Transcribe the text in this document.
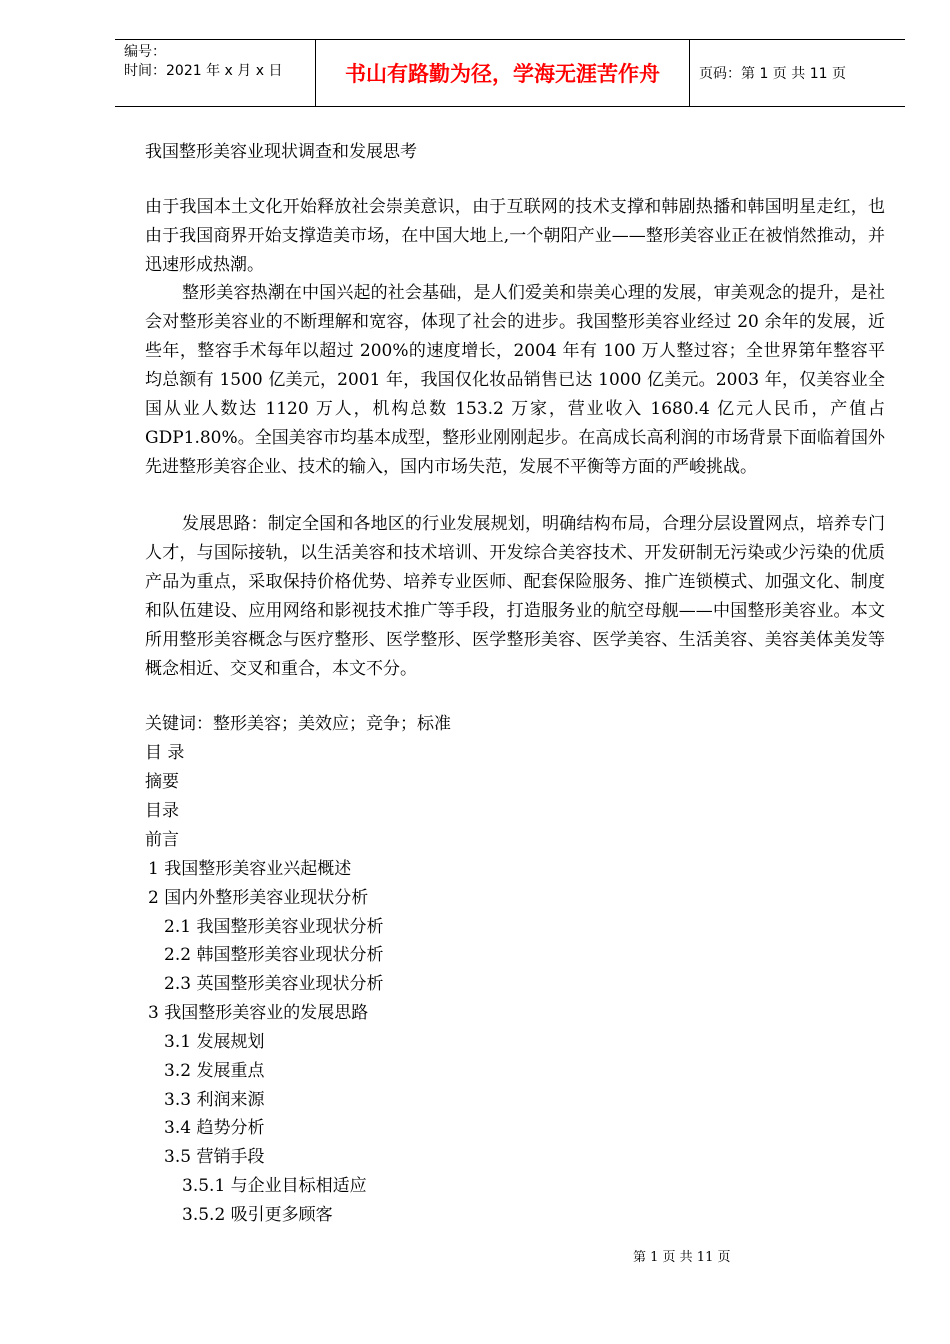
编号：
时间：2021 年 x 月 x 日	书山有路勤为径，学海无涯苦作舟	页码：第 1 页 共 11 页
我国整形美容业现状调查和发展思考

由于我国本土文化开始释放社会崇美意识，由于互联网的技术支撑和韩剧热播和韩国明星走红，也由于我国商界开始支撑造美市场，在中国大地上,一个朝阳产业——整形美容业正在被悄然推动，并迅速形成热潮。

整形美容热潮在中国兴起的社会基础，是人们爱美和崇美心理的发展，审美观念的提升，是社会对整形美容业的不断理解和宽容，体现了社会的进步。我国整形美容业经过 20 余年的发展，近些年，整容手术每年以超过 200%的速度增长，2004 年有 100 万人整过容；全世界第年整容平均总额有 1500 亿美元，2001 年，我国仅化妆品销售已达 1000 亿美元。2003 年，仅美容业全国从业人数达 1120 万人，机构总数 153.2 万家，营业收入 1680.4 亿元人民币，产值占 GDP1.80%。全国美容市均基本成型，整形业刚刚起步。在高成长高利润的市场背景下面临着国外先进整形美容企业、技术的输入，国内市场失范，发展不平衡等方面的严峻挑战。

发展思路：制定全国和各地区的行业发展规划，明确结构布局，合理分层设置网点，培养专门人才，与国际接轨，以生活美容和技术培训、开发综合美容技术、开发研制无污染或少污染的优质产品为重点，采取保持价格优势、培养专业医师、配套保险服务、推广连锁模式、加强文化、制度和队伍建设、应用网络和影视技术推广等手段，打造服务业的航空母舰——中国整形美容业。本文所用整形美容概念与医疗整形、医学整形、医学整形美容、医学美容、生活美容、美容美体美发等概念相近、交叉和重合，本文不分。

关键词：整形美容；美效应；竞争；标准

目 录

摘要

目录

前言

1 我国整形美容业兴起概述

2 国内外整形美容业现状分析

2.1 我国整形美容业现状分析

2.2 韩国整形美容业现状分析

2.3 英国整形美容业现状分析

3 我国整形美容业的发展思路

3.1 发展规划

3.2 发展重点

3.3 利润来源

3.4 趋势分析

3.5 营销手段

3.5.1 与企业目标相适应

3.5.2 吸引更多顾客

第 1 页 共 11 页
